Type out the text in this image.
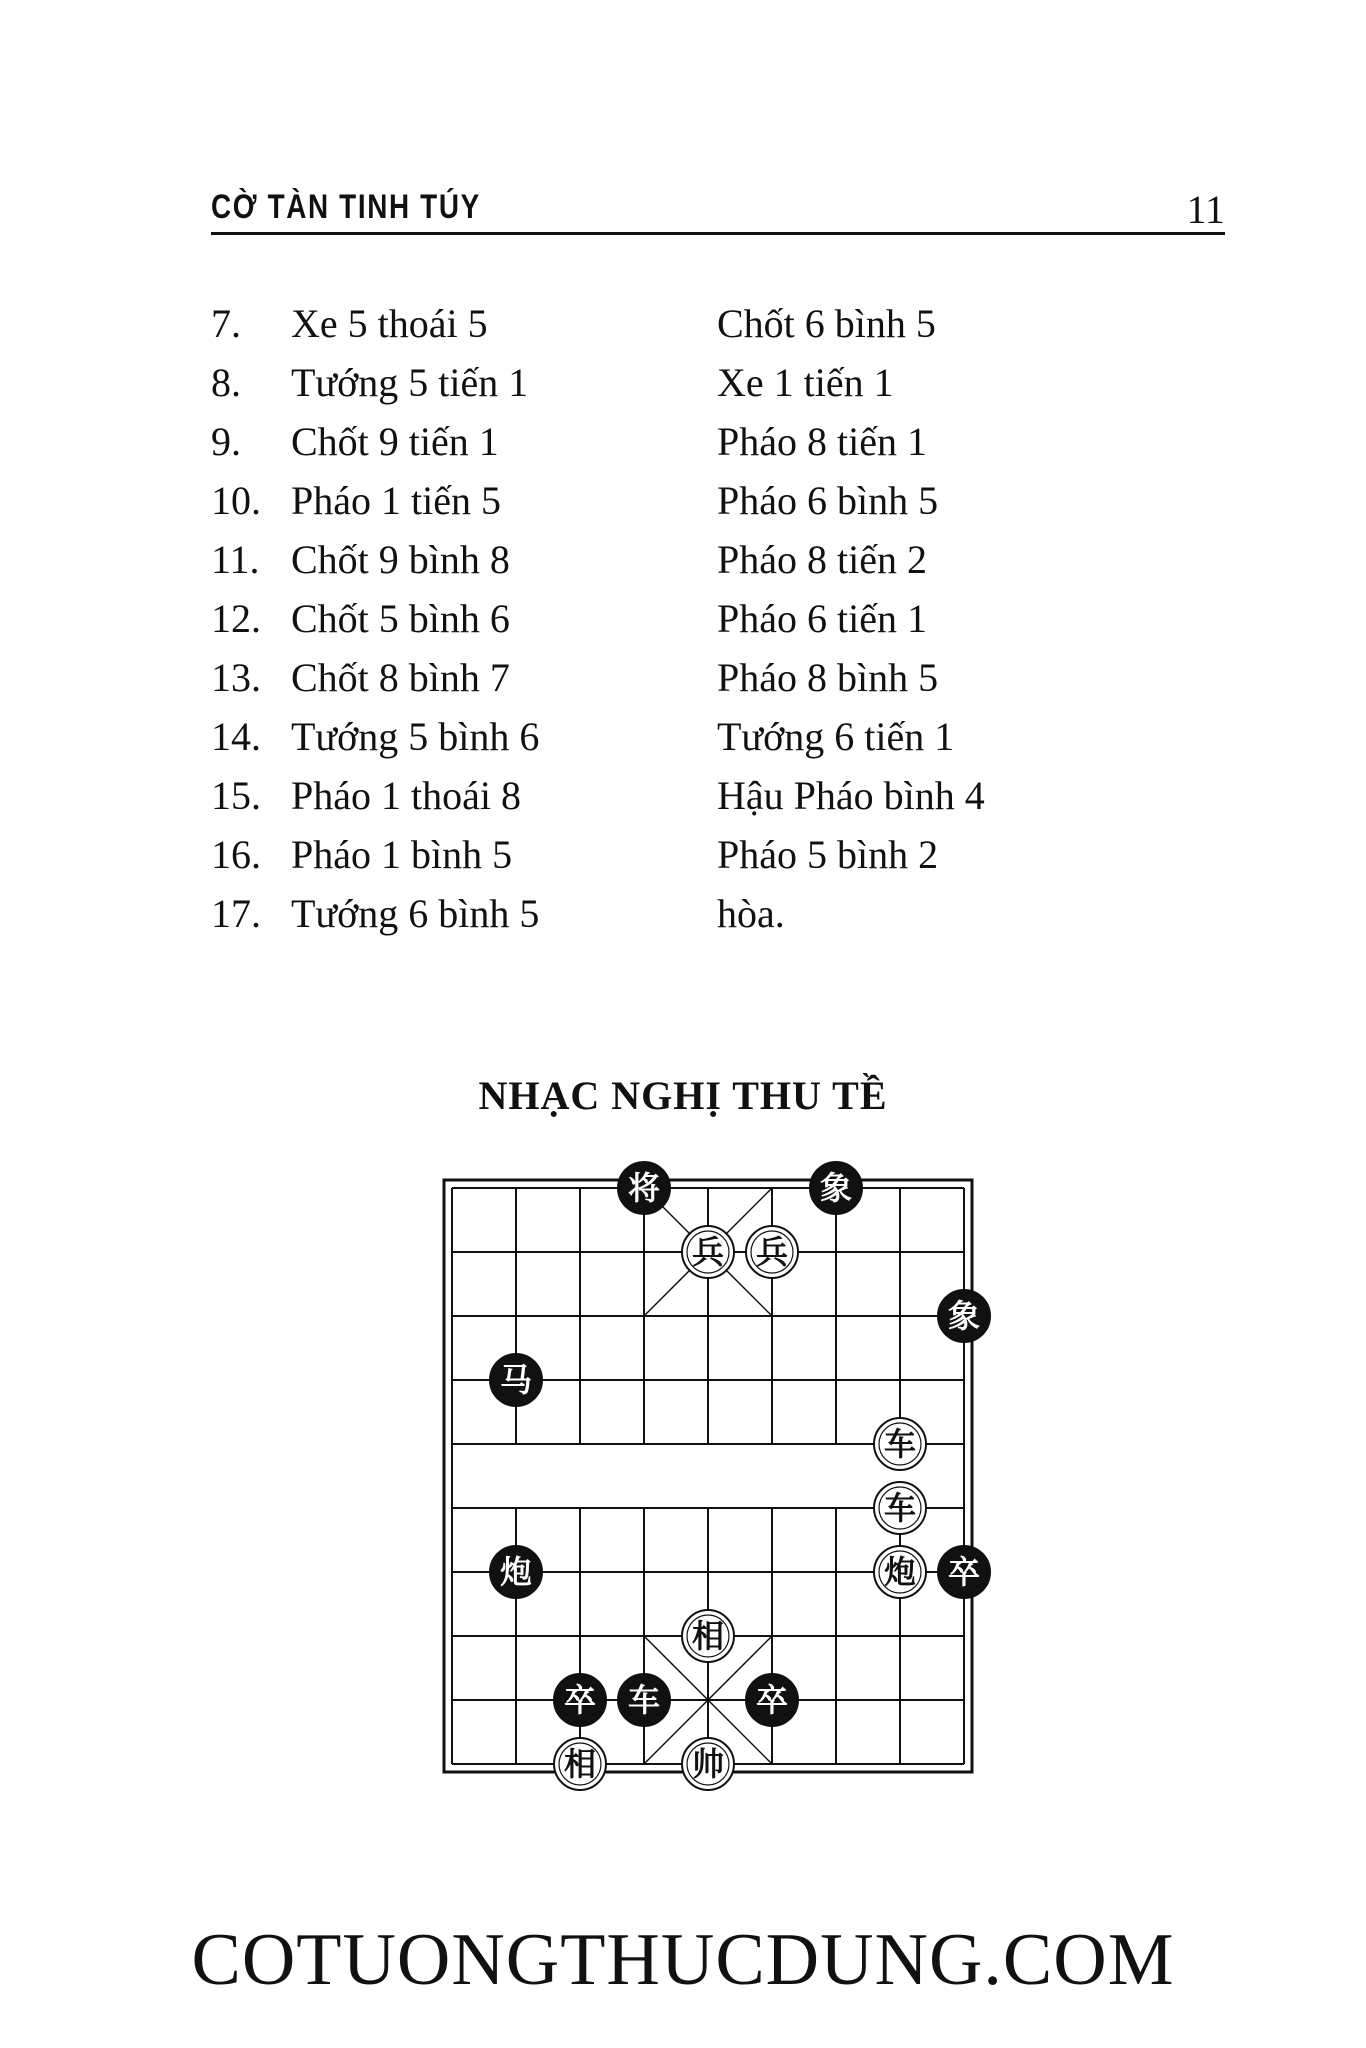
CỜ TÀN TINH TÚY	11
7. Xe 5 thoái 5	Chốt 6 bình 5
8. Tướng 5 tiến 1	Xe 1 tiến 1
9. Chốt 9 tiến 1	Pháo 8 tiến 1
10. Pháo 1 tiến 5	Pháo 6 bình 5
11. Chốt 9 bình 8	Pháo 8 tiến 2
12. Chốt 5 bình 6	Pháo 6 tiến 1
13. Chốt 8 bình 7	Pháo 8 bình 5
14. Tướng 5 bình 6	Tướng 6 tiến 1
15. Pháo 1 thoái 8	Hậu Pháo bình 4
16. Pháo 1 bình 5	Pháo 5 bình 2
17. Tướng 6 bình 5	hòa.
NHẠC NGHỊ THU TỀ
将	象
兵 兵
象
马
车
车
炮	炮 卒
相
卒 车	卒
相	帅
COTUONGTHUCDUNG.COM
